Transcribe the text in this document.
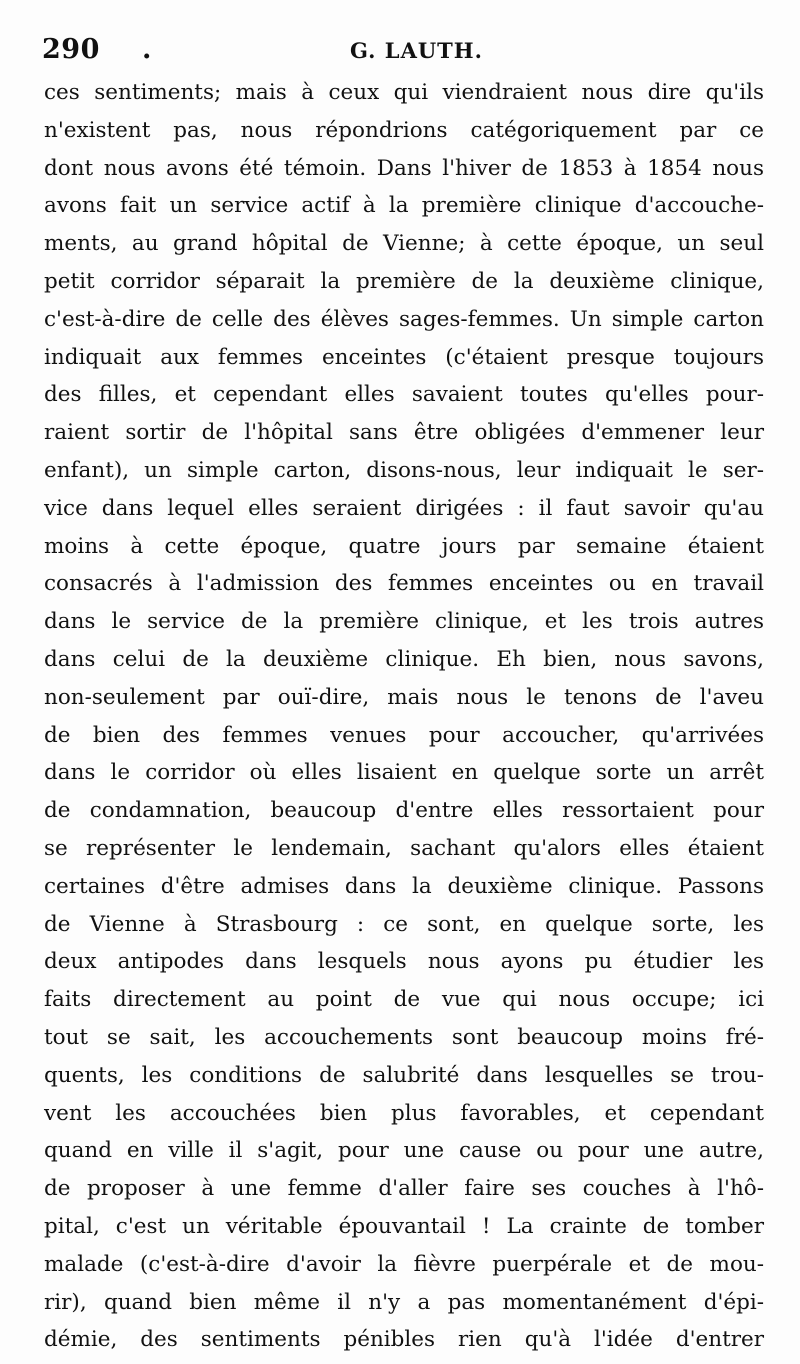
290 .	G. LAUTH.
ces sentiments; mais à ceux qui viendraient nous dire qu'ils
n'existent pas, nous répondrions catégoriquement par ce
dont nous avons été témoin. Dans l'hiver de 1853 à 1854 nous
avons fait un service actif à la première clinique d'accouche-
ments, au grand hôpital de Vienne; à cette époque, un seul
petit corridor séparait la première de la deuxième clinique,
c'est-à-dire de celle des élèves sages-femmes. Un simple carton
indiquait aux femmes enceintes (c'étaient presque toujours
des filles, et cependant elles savaient toutes qu'elles pour-
raient sortir de l'hôpital sans être obligées d'emmener leur
enfant), un simple carton, disons-nous, leur indiquait le ser-
vice dans lequel elles seraient dirigées : il faut savoir qu'au
moins à cette époque, quatre jours par semaine étaient
consacrés à l'admission des femmes enceintes ou en travail
dans le service de la première clinique, et les trois autres
dans celui de la deuxième clinique. Eh bien, nous savons,
non-seulement par ouï-dire, mais nous le tenons de l'aveu
de bien des femmes venues pour accoucher, qu'arrivées
dans le corridor où elles lisaient en quelque sorte un arrêt
de condamnation, beaucoup d'entre elles ressortaient pour
se représenter le lendemain, sachant qu'alors elles étaient
certaines d'être admises dans la deuxième clinique. Passons
de Vienne à Strasbourg : ce sont, en quelque sorte, les
deux antipodes dans lesquels nous ayons pu étudier les
faits directement au point de vue qui nous occupe; ici
tout se sait, les accouchements sont beaucoup moins fré-
quents, les conditions de salubrité dans lesquelles se trou-
vent les accouchées bien plus favorables, et cependant
quand en ville il s'agit, pour une cause ou pour une autre,
de proposer à une femme d'aller faire ses couches à l'hô-
pital, c'est un véritable épouvantail ! La crainte de tomber
malade (c'est-à-dire d'avoir la fièvre puerpérale et de mou-
rir), quand bien même il n'y a pas momentanément d'épi-
démie, des sentiments pénibles rien qu'à l'idée d'entrer
